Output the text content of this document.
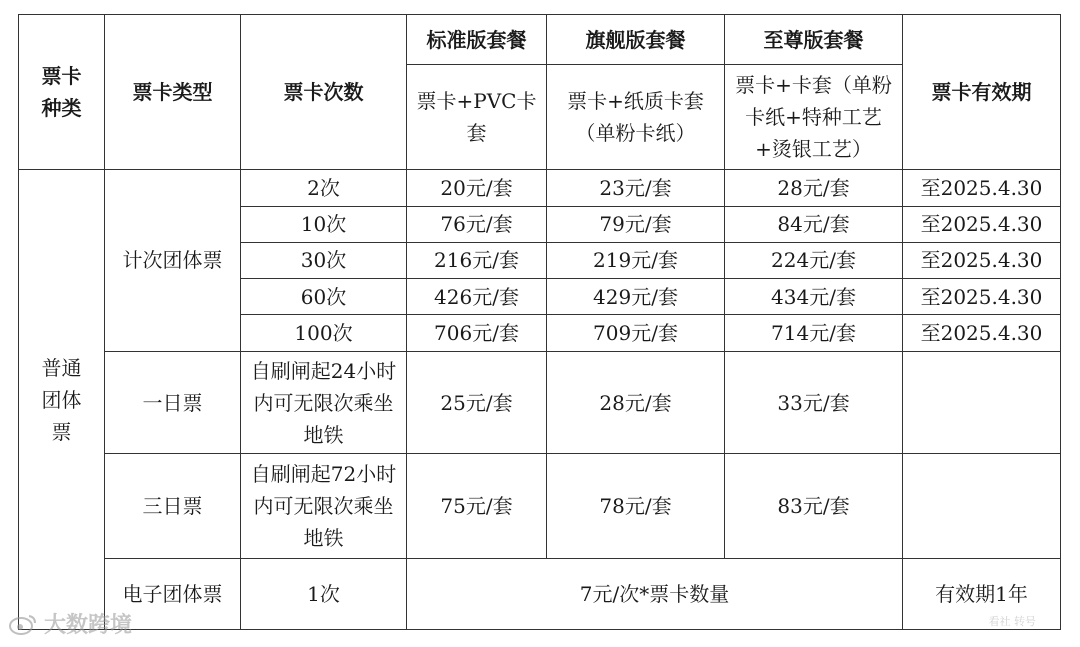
票卡
种类	票卡类型	票卡次数	标准版套餐	旗舰版套餐	至尊版套餐	票卡有效期
			票卡+PVC卡套	票卡+纸质卡套（单粉卡纸）	票卡+卡套（单粉卡纸+特种工艺+烫银工艺）	
普通团体票	计次团体票	2次	20元/套	23元/套	28元/套	至2025.4.30
		10次	76元/套	79元/套	84元/套	至2025.4.30
		30次	216元/套	219元/套	224元/套	至2025.4.30
		60次	426元/套	429元/套	434元/套	至2025.4.30
		100次	706元/套	709元/套	714元/套	至2025.4.30
	一日票	自刷闸起24小时内可无限次乘坐地铁	25元/套	28元/套	33元/套	
	三日票	自刷闸起72小时内可无限次乘坐地铁	75元/套	78元/套	83元/套	
	电子团体票	1次	7元/次*票卡数量			有效期1年
大数跨境	看社 转号
